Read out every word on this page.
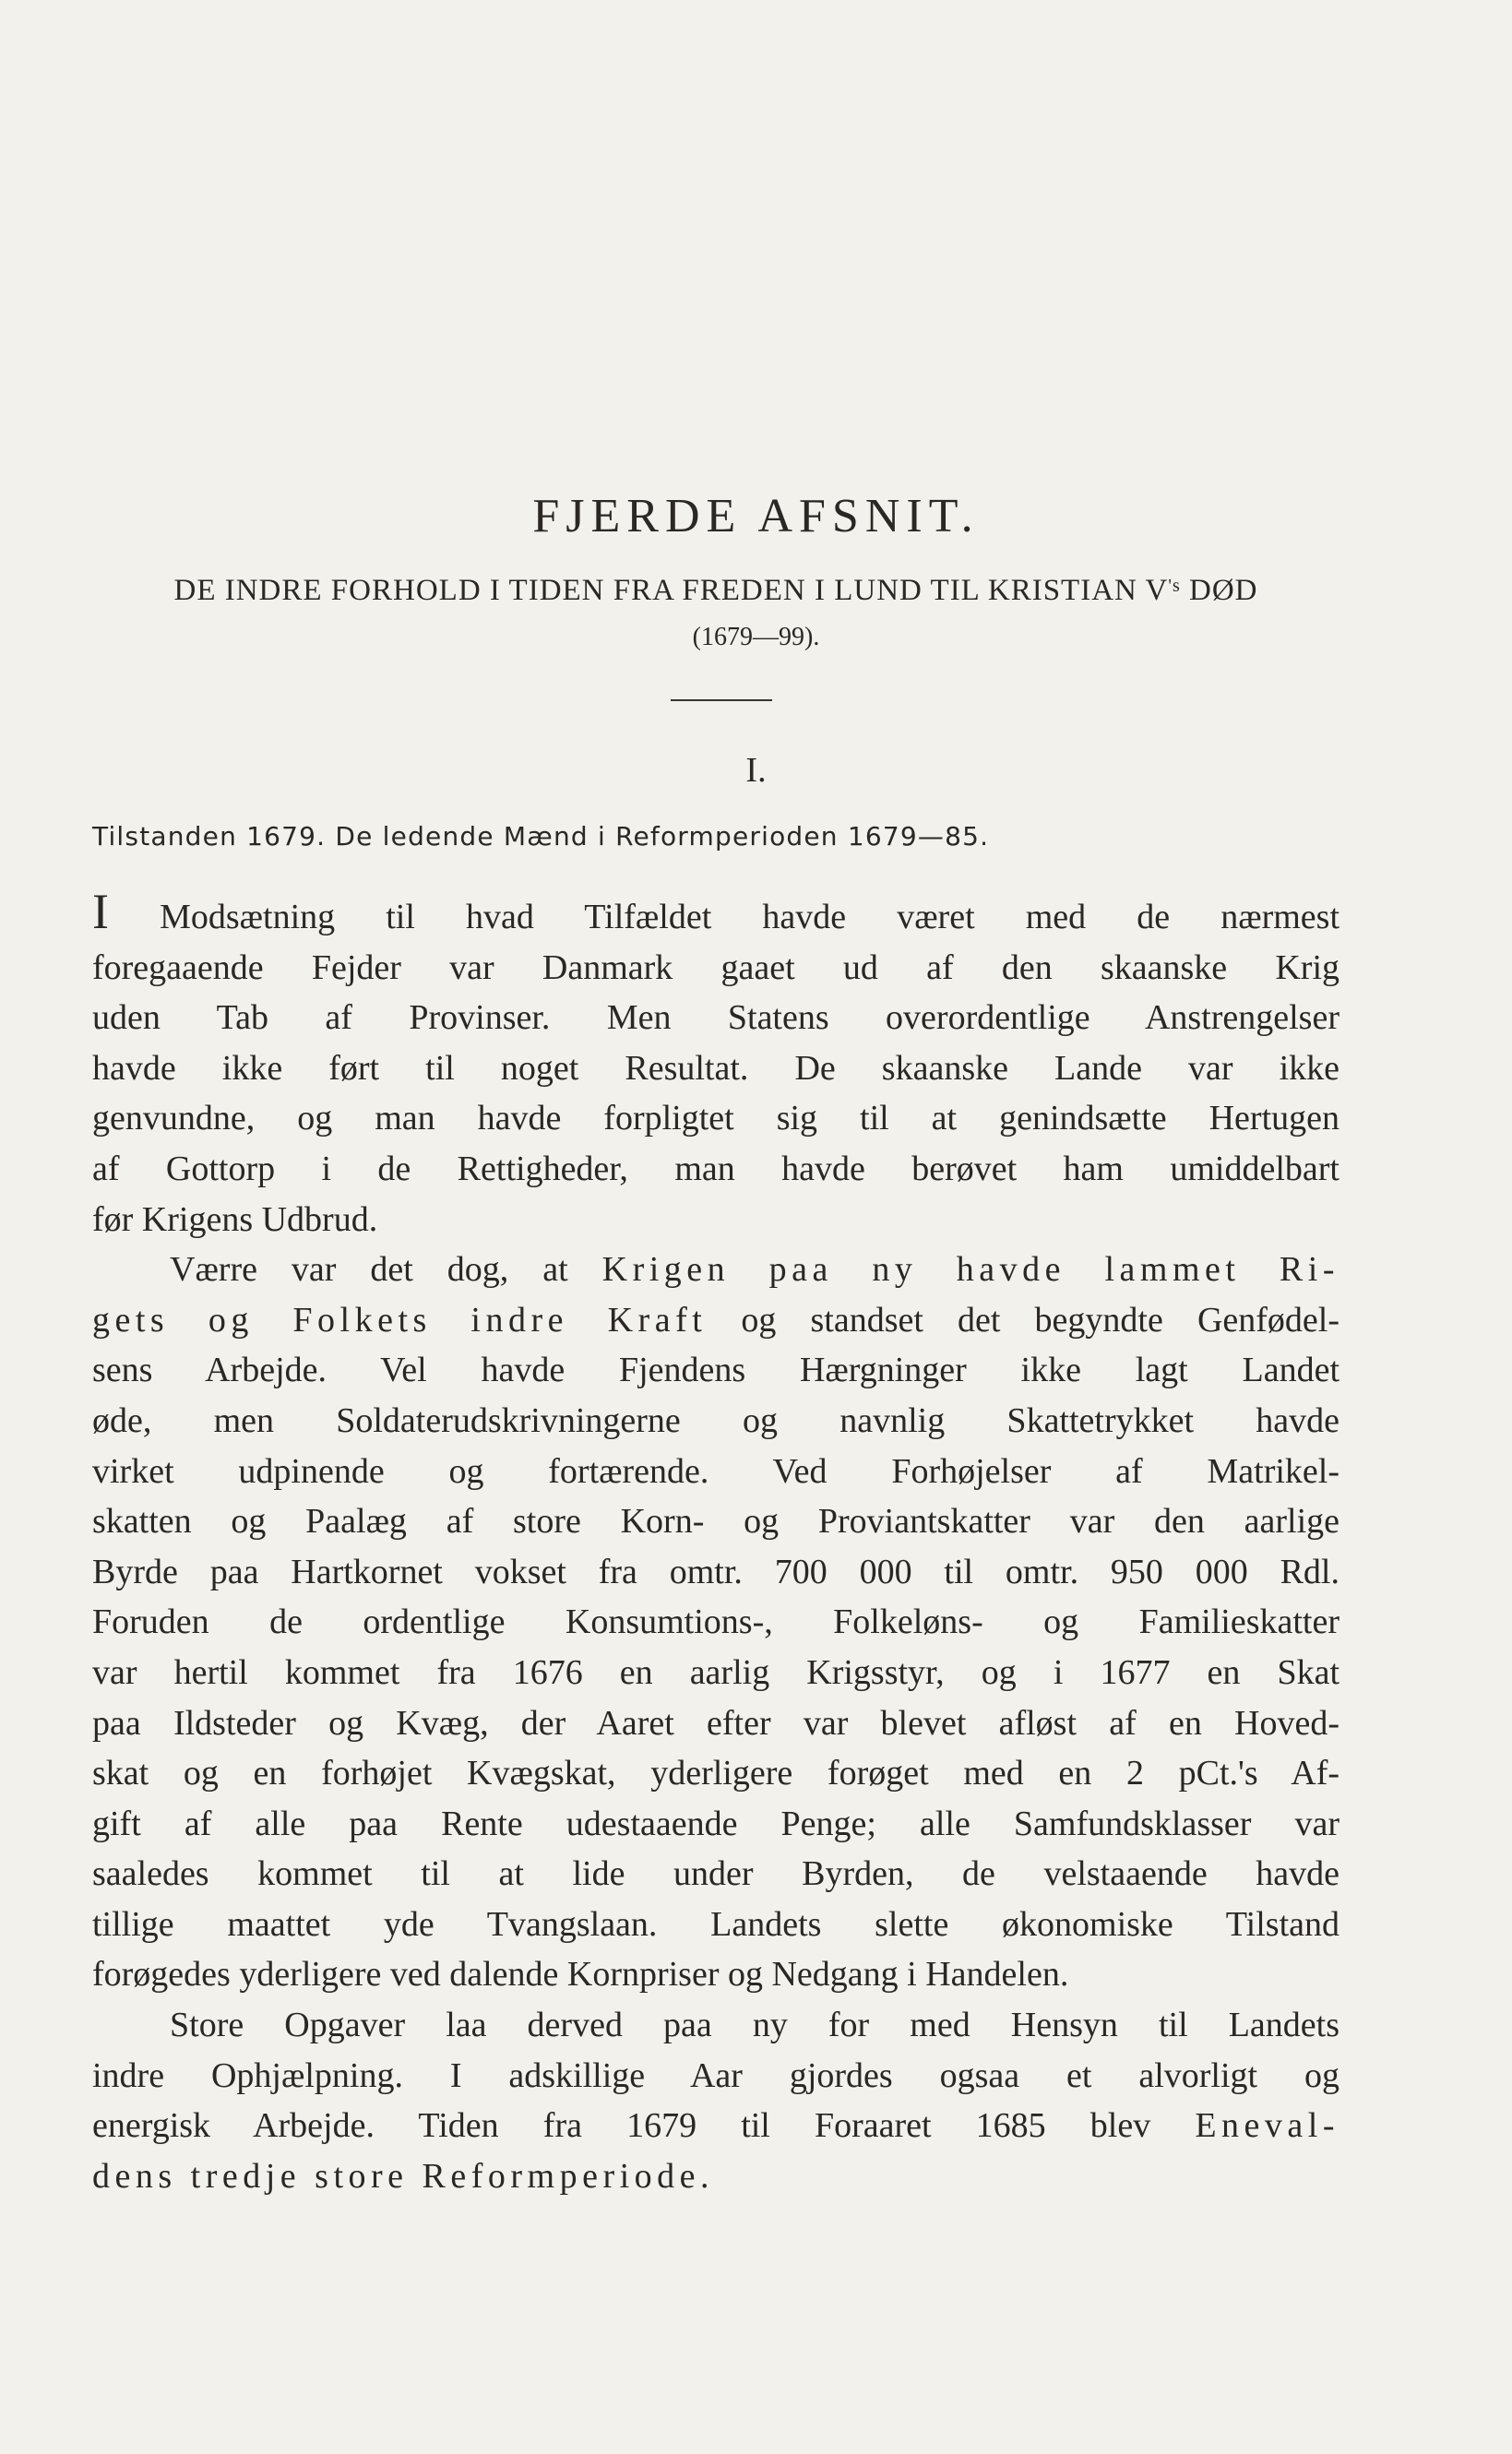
FJERDE AFSNIT.
DE INDRE FORHOLD I TIDEN FRA FREDEN I LUND TIL KRISTIAN $V^{'s}$ DØD
(1679—99).
I.
Tilstanden 1679. De ledende Mænd i Reformperioden 1679—85.
I Modsætning til hvad Tilfældet havde været med de nærmest
foregaaende Fejder var Danmark gaaet ud af den skaanske Krig
uden Tab af Provinser. Men Statens overordentlige Anstrengelser
havde ikke ført til noget Resultat. De skaanske Lande var ikke
genvundne, og man havde forpligtet sig til at genindsætte Hertugen
af Gottorp i de Rettigheder, man havde berøvet ham umiddelbart
før Krigens Udbrud.
Værre var det dog, at Krigen paa ny havde lammet Ri-
gets og Folkets indre Kraft og standset det begyndte Genfødel-
sens Arbejde. Vel havde Fjendens Hærgninger ikke lagt Landet
øde, men Soldaterudskrivningerne og navnlig Skattetrykket havde
virket udpinende og fortærende. Ved Forhøjelser af Matrikel-
skatten og Paalæg af store Korn- og Proviantskatter var den aarlige
Byrde paa Hartkornet vokset fra omtr. 700 000 til omtr. 950 000 Rdl.
Foruden de ordentlige Konsumtions-, Folkeløns- og Familieskatter
var hertil kommet fra 1676 en aarlig Krigsstyr, og i 1677 en Skat
paa Ildsteder og Kvæg, der Aaret efter var blevet afløst af en Hoved-
skat og en forhøjet Kvægskat, yderligere forøget med en 2 pCt.'s Af-
gift af alle paa Rente udestaaende Penge; alle Samfundsklasser var
saaledes kommet til at lide under Byrden, de velstaaende havde
tillige maattet yde Tvangslaan. Landets slette økonomiske Tilstand
forøgedes yderligere ved dalende Kornpriser og Nedgang i Handelen.
Store Opgaver laa derved paa ny for med Hensyn til Landets
indre Ophjælpning. I adskillige Aar gjordes ogsaa et alvorligt og
energisk Arbejde. Tiden fra 1679 til Foraaret 1685 blev Eneval-
dens tredje store Reformperiode.
